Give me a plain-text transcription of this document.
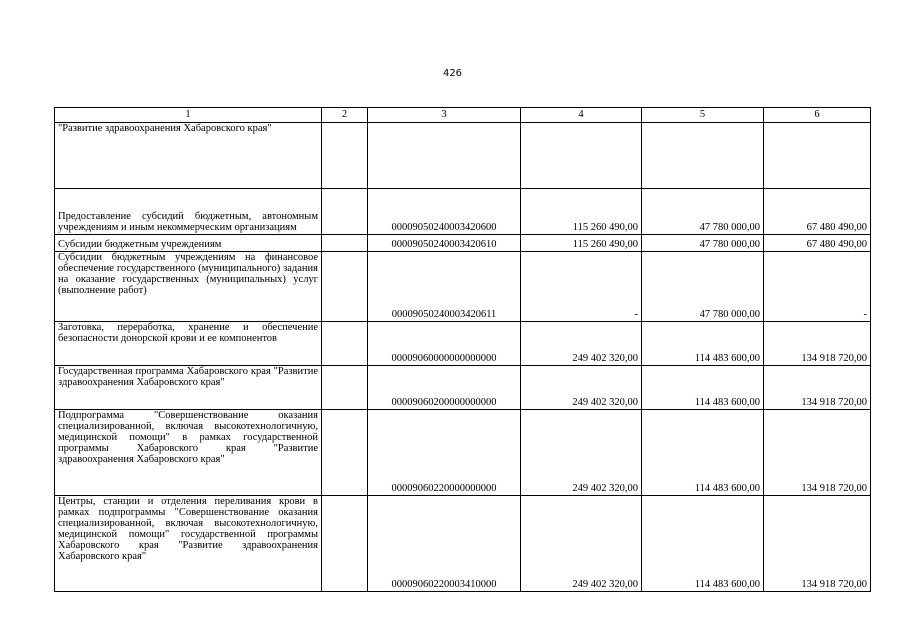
426
1	2	3	4	5	6
"Развитие здравоохранения Хабаровского края"					
Предоставление субсидий бюджетным, автономным учреждениям и иным некоммерческим организациям		00009050240003420600	115 260 490,00	47 780 000,00	67 480 490,00
Субсидии бюджетным учреждениям		00009050240003420610	115 260 490,00	47 780 000,00	67 480 490,00
Субсидии бюджетным учреждениям на финансовое обеспечение государственного (муниципального) задания на оказание государственных (муниципальных) услуг (выполнение работ)		00009050240003420611	-	47 780 000,00	-
Заготовка, переработка, хранение и обеспечение безопасности донорской крови и ее компонентов		00009060000000000000	249 402 320,00	114 483 600,00	134 918 720,00
Государственная программа Хабаровского края "Развитие здравоохранения Хабаровского края"		00009060200000000000	249 402 320,00	114 483 600,00	134 918 720,00
Подпрограмма "Совершенствование оказания специализированной, включая высокотехнологичную, медицинской помощи" в рамках государственной программы Хабаровского края "Развитие здравоохранения Хабаровского края"		00009060220000000000	249 402 320,00	114 483 600,00	134 918 720,00
Центры, станции и отделения переливания крови в рамках подпрограммы "Совершенствование оказания специализированной, включая высокотехнологичную, медицинской помощи" государственной программы Хабаровского края "Развитие здравоохранения Хабаровского края"		00009060220003410000	249 402 320,00	114 483 600,00	134 918 720,00
